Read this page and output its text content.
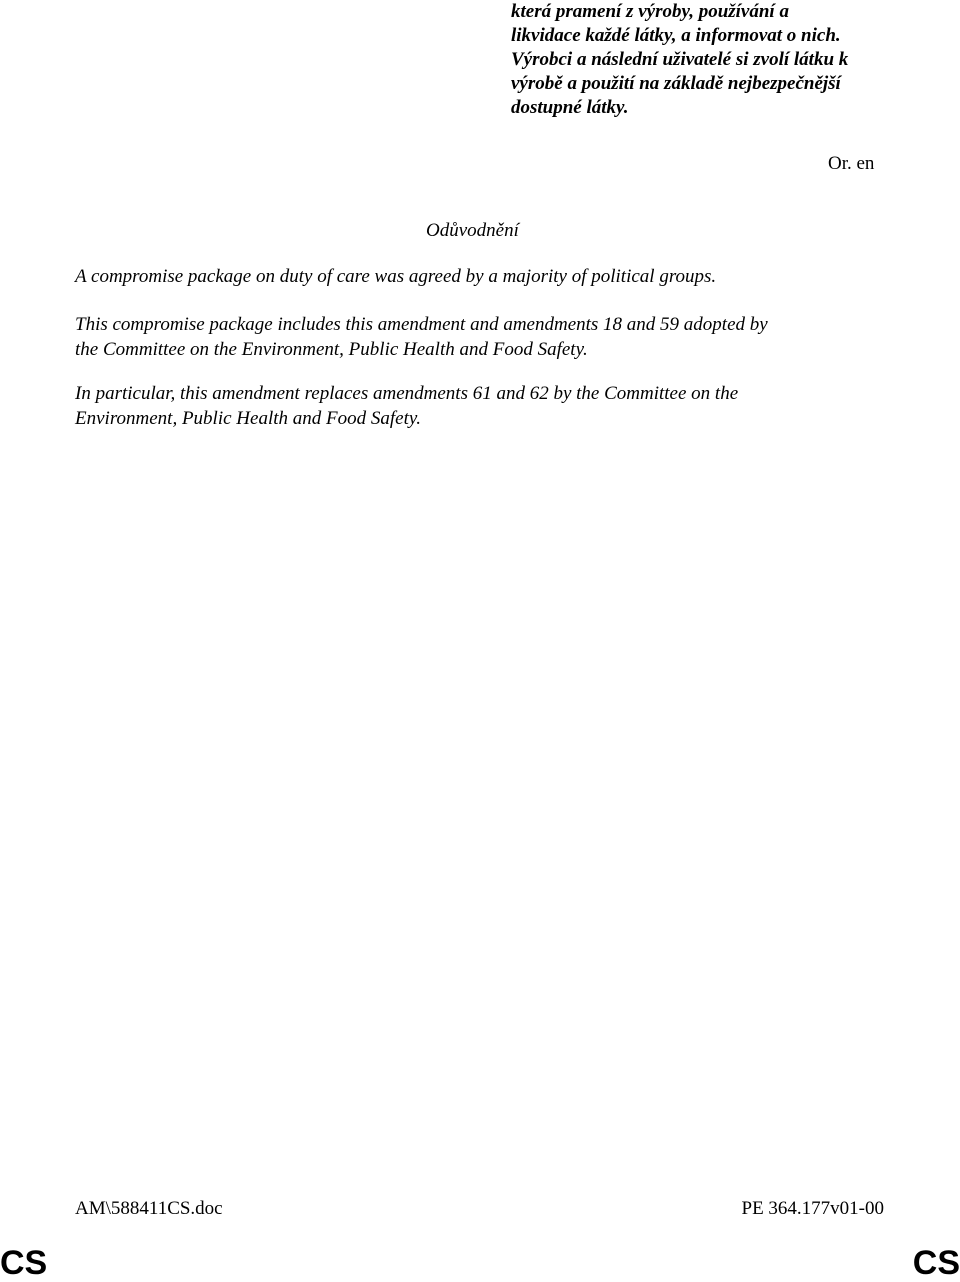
která pramení z výroby, používání a
likvidace každé látky, a informovat o nich.
Výrobci a následní uživatelé si zvolí látku k
výrobě a použití na základě nejbezpečnější
dostupné látky.
Or. en
Odůvodnění
A compromise package on duty of care was agreed by a majority of political groups.
This compromise package includes this amendment and amendments 18 and 59 adopted by
the Committee on the Environment, Public Health and Food Safety.
In particular, this amendment replaces amendments 61 and 62 by the Committee on the
Environment, Public Health and Food Safety.
AM\588411CS.doc	PE 364.177v01-00
CS	CS
